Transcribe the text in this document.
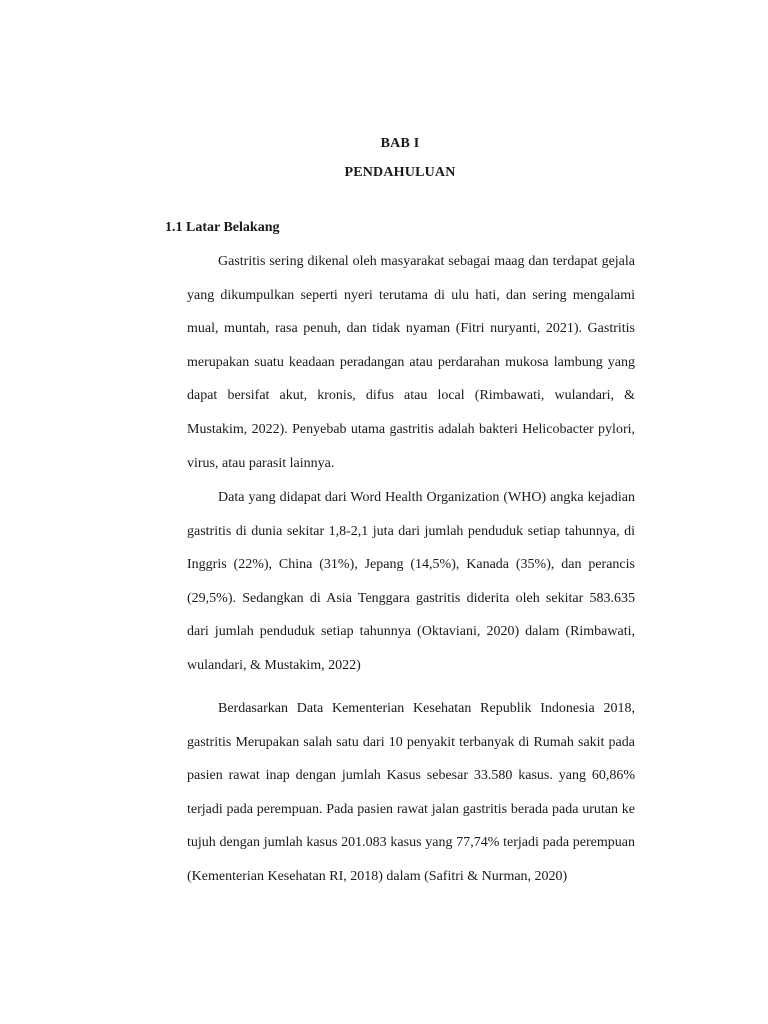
BAB I
PENDAHULUAN
1.1 Latar Belakang

Gastritis sering dikenal oleh masyarakat sebagai maag dan terdapat gejala yang dikumpulkan seperti nyeri terutama di ulu hati, dan sering mengalami mual, muntah, rasa penuh, dan tidak nyaman (Fitri nuryanti, 2021). Gastritis merupakan suatu keadaan peradangan atau perdarahan mukosa lambung yang dapat bersifat akut, kronis, difus atau local (Rimbawati, wulandari, & Mustakim, 2022). Penyebab utama gastritis adalah bakteri Helicobacter pylori, virus, atau parasit lainnya.

Data yang didapat dari Word Health Organization (WHO) angka kejadian gastritis di dunia sekitar 1,8-2,1 juta dari jumlah penduduk setiap tahunnya, di Inggris (22%), China (31%), Jepang (14,5%), Kanada (35%), dan perancis (29,5%). Sedangkan di Asia Tenggara gastritis diderita oleh sekitar 583.635 dari jumlah penduduk setiap tahunnya (Oktaviani, 2020) dalam (Rimbawati, wulandari, & Mustakim, 2022)

Berdasarkan Data Kementerian Kesehatan Republik Indonesia 2018, gastritis Merupakan salah satu dari 10 penyakit terbanyak di Rumah sakit pada pasien rawat inap dengan jumlah Kasus sebesar 33.580 kasus. yang 60,86% terjadi pada perempuan. Pada pasien rawat jalan gastritis berada pada urutan ke tujuh dengan jumlah kasus 201.083 kasus yang 77,74% terjadi pada perempuan (Kementerian Kesehatan RI, 2018) dalam (Safitri & Nurman, 2020)
